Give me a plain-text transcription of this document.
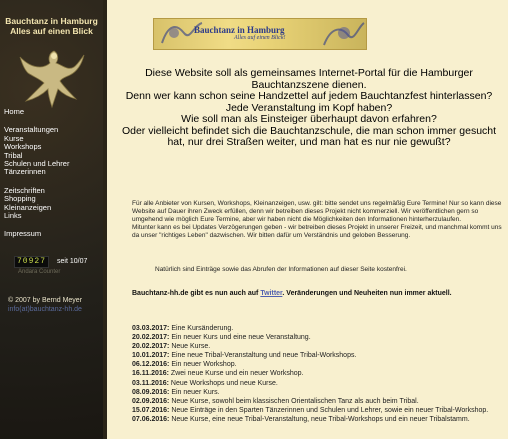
Bauchtanz in Hamburg
Alles auf einen Blick
Home
Veranstaltungen
Kurse
Workshops
Tribal
Schulen und Lehrer
Tänzerinnen
Zeitschriften
Shopping
Kleinanzeigen
Links
Impressum
70927	seit 10/07
Andara Counter
© 2007 by Bernd Meyer
info(at)bauchtanz-hh.de
Bauchtanz in Hamburg
Alles auf einen Blick!
Diese Website soll als gemeinsames Internet-Portal für die Hamburger Bauchtanzszene dienen.
Denn wer kann schon seine Handzettel auf jedem Bauchtanzfest hinterlassen?
Jede Veranstaltung im Kopf haben?
Wie soll man als Einsteiger überhaupt davon erfahren?
Oder vielleicht befindet sich die Bauchtanzschule, die man schon immer gesucht hat, nur drei Straßen weiter, und man hat es nur nie gewußt?
Für alle Anbieter von Kursen, Workshops, Kleinanzeigen, usw. gilt: bitte sendet uns regelmäßig Eure Termine! Nur so kann diese Website auf Dauer ihren Zweck erfüllen, denn wir betreiben dieses Projekt nicht kommerziell. Wir veröffentlichen gern so umgehend wie möglich Eure Termine, aber wir haben nicht die Möglichkeiten den Informationen hinterherzulaufen.
Mitunter kann es bei Updates Verzögerungen geben - wir betreiben dieses Projekt in unserer Freizeit, und manchmal kommt uns da unser "richtiges Leben" dazwischen. Wir bitten dafür um Verständnis und geloben Besserung.
Natürlich sind Einträge sowie das Abrufen der Informationen auf dieser Seite kostenfrei.
Bauchtanz-hh.de gibt es nun auch auf Twitter. Veränderungen und Neuheiten nun immer aktuell.
03.03.2017: Eine Kursänderung.
20.02.2017: Ein neuer Kurs und eine neue Veranstaltung.
20.02.2017: Neue Kurse.
10.01.2017: Eine neue Tribal-Veranstaltung und neue Tribal-Workshops.
06.12.2016: Ein neuer Workshop.
16.11.2016: Zwei neue Kurse und ein neuer Workshop.
03.11.2016: Neue Workshops und neue Kurse.
08.09.2016: Ein neuer Kurs.
02.09.2016: Neue Kurse, sowohl beim klassischen Orientalischen Tanz als auch beim Tribal.
15.07.2016: Neue Einträge in den Sparten Tänzerinnen und Schulen und Lehrer, sowie ein neuer Tribal-Workshop.
07.06.2016: Neue Kurse, eine neue Tribal-Veranstaltung, neue Tribal-Workshops und ein neuer Tribalstamm.
